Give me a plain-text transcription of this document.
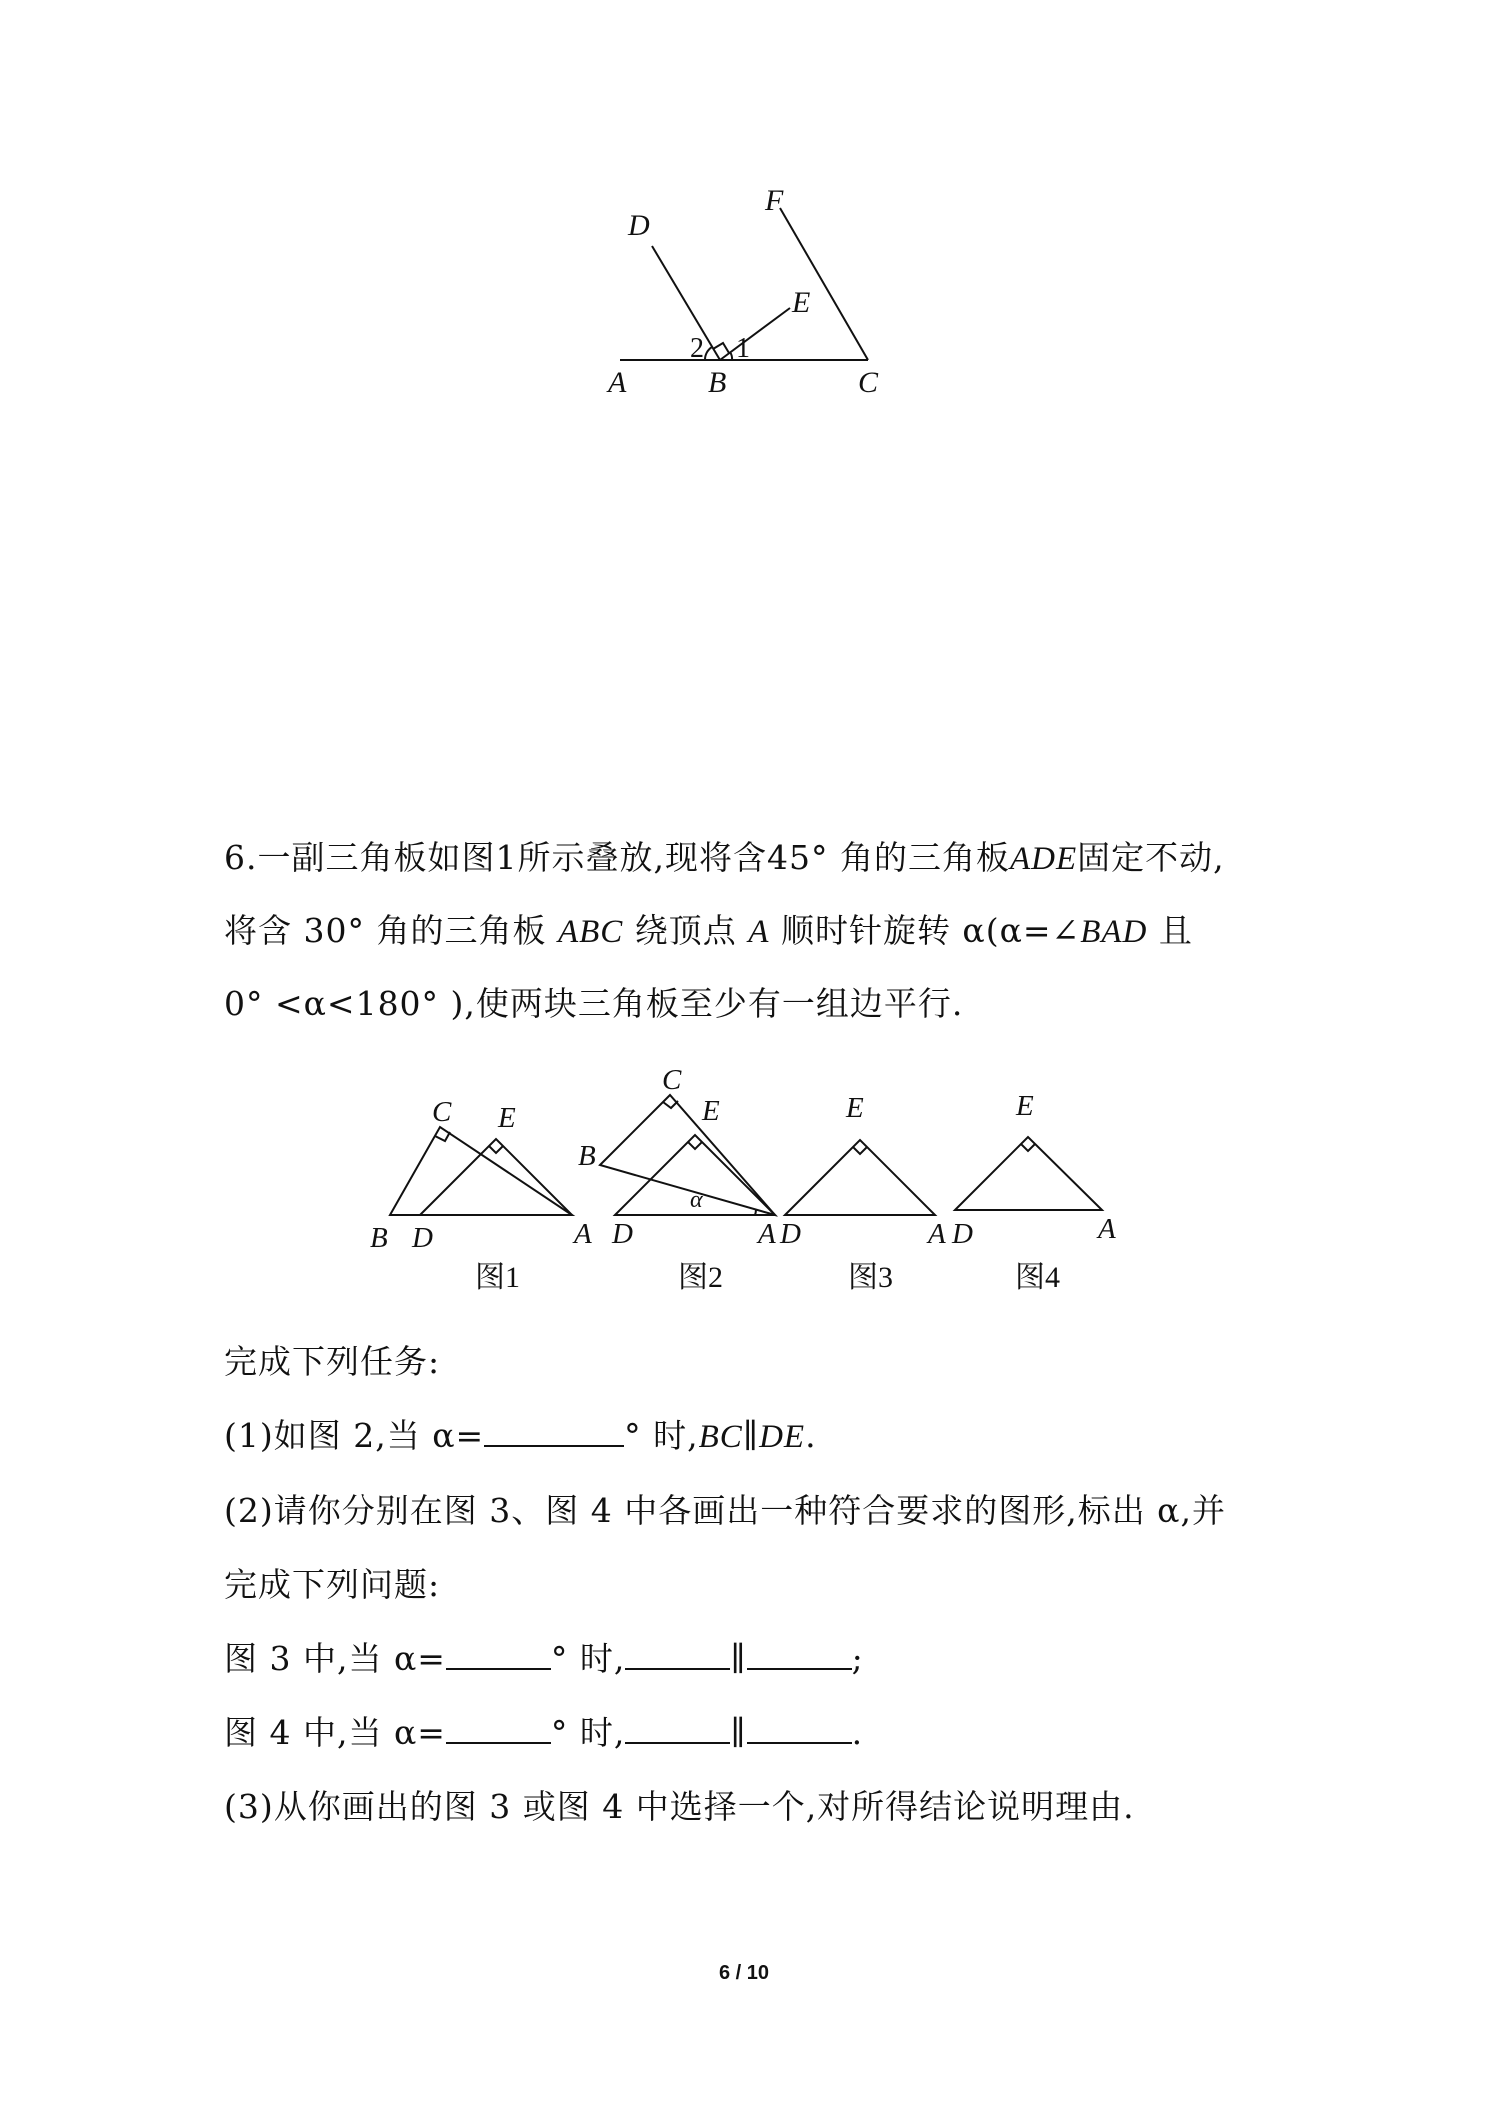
A	B	C
D
E
F
1
2
6.一副三角板如图1所示叠放,现将含45° 角的三角板ADE固定不动,
将含 30° 角的三角板 ABC 绕顶点 A 顺时针旋转 α(α=∠BAD 且
0° <α<180° ),使两块三角板至少有一组边平行.
B D
C E
A
C
E
B
D	A
α
E
D	A
E
D	A
图1	图2	图3	图4
完成下列任务:
(1)如图 2,当 α=	° 时,BC∥DE.
(2)请你分别在图 3、图 4 中各画出一种符合要求的图形,标出 α,并
完成下列问题:
图 3 中,当 α=	° 时,	∥	;
图 4 中,当 α=	° 时,	∥	.
(3)从你画出的图 3 或图 4 中选择一个,对所得结论说明理由.
6 / 10
